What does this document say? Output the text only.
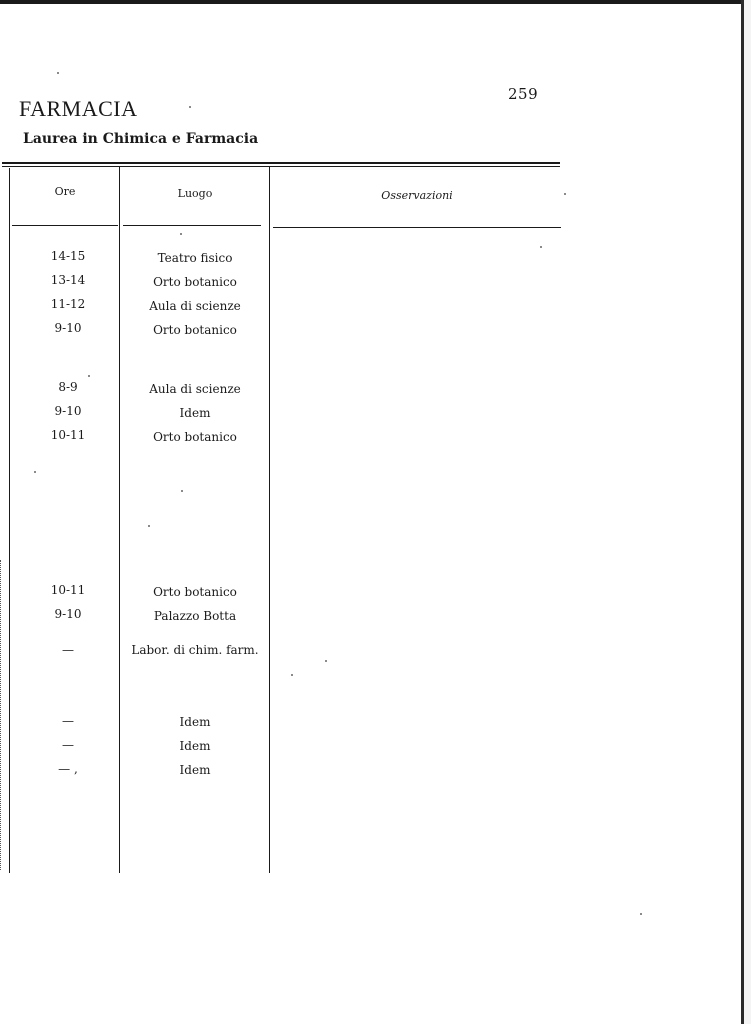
259
FARMACIA
Laurea in Chimica e Farmacia
Ore	Luogo	Osservazioni
14-15	Teatro fisico
13-14	Orto botanico
11-12	Aula di scienze
9-10	Orto botanico
8-9	Aula di scienze
9-10	Idem
10-11	Orto botanico
10-11	Orto botanico
9-10	Palazzo Botta
—	Labor. di chim. farm.
—	Idem
—	Idem
— ,	Idem
